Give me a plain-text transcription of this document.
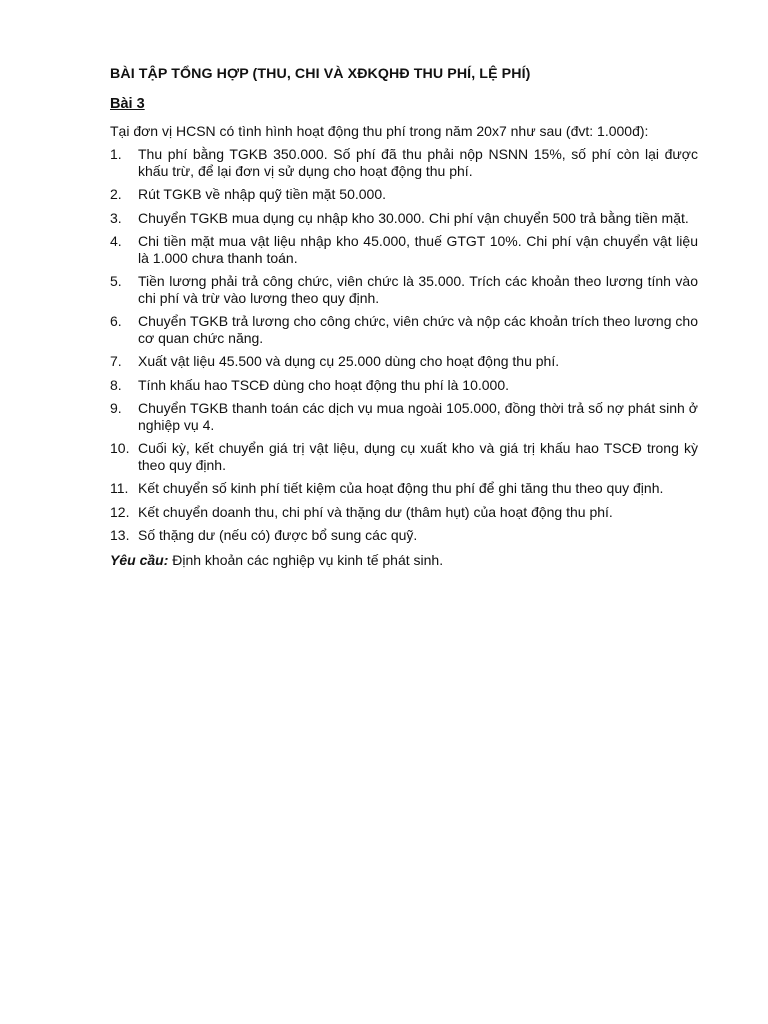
BÀI TẬP TỔNG HỢP (THU, CHI VÀ XĐKQHĐ THU PHÍ, LỆ PHÍ)
Bài 3
Tại đơn vị HCSN có tình hình hoạt động thu phí trong năm 20x7 như sau (đvt: 1.000đ):
1.	Thu phí bằng TGKB 350.000. Số phí đã thu phải nộp NSNN 15%, số phí còn lại được khấu trừ, để lại đơn vị sử dụng cho hoạt động thu phí.
2.	Rút TGKB về nhập quỹ tiền mặt 50.000.
3.	Chuyển TGKB mua dụng cụ nhập kho 30.000. Chi phí vận chuyển 500 trả bằng tiền mặt.
4.	Chi tiền mặt mua vật liệu nhập kho 45.000, thuế GTGT 10%. Chi phí vận chuyển vật liệu là 1.000 chưa thanh toán.
5.	Tiền lương phải trả công chức, viên chức là 35.000. Trích các khoản theo lương tính vào chi phí và trừ vào lương theo quy định.
6.	Chuyển TGKB trả lương cho công chức, viên chức và nộp các khoản trích theo lương cho cơ quan chức năng.
7.	Xuất vật liệu 45.500 và dụng cụ 25.000 dùng cho hoạt động thu phí.
8.	Tính khấu hao TSCĐ dùng cho hoạt động thu phí là 10.000.
9.	Chuyển TGKB thanh toán các dịch vụ mua ngoài 105.000, đồng thời trả số nợ phát sinh ở nghiệp vụ 4.
10. Cuối kỳ, kết chuyển giá trị vật liệu, dụng cụ xuất kho và giá trị khấu hao TSCĐ trong kỳ theo quy định.
11. Kết chuyển số kinh phí tiết kiệm của hoạt động thu phí để ghi tăng thu theo quy định.
12. Kết chuyển doanh thu, chi phí và thặng dư (thâm hụt) của hoạt động thu phí.
13. Số thặng dư (nếu có) được bổ sung các quỹ.
Yêu cầu: Định khoản các nghiệp vụ kinh tế phát sinh.
